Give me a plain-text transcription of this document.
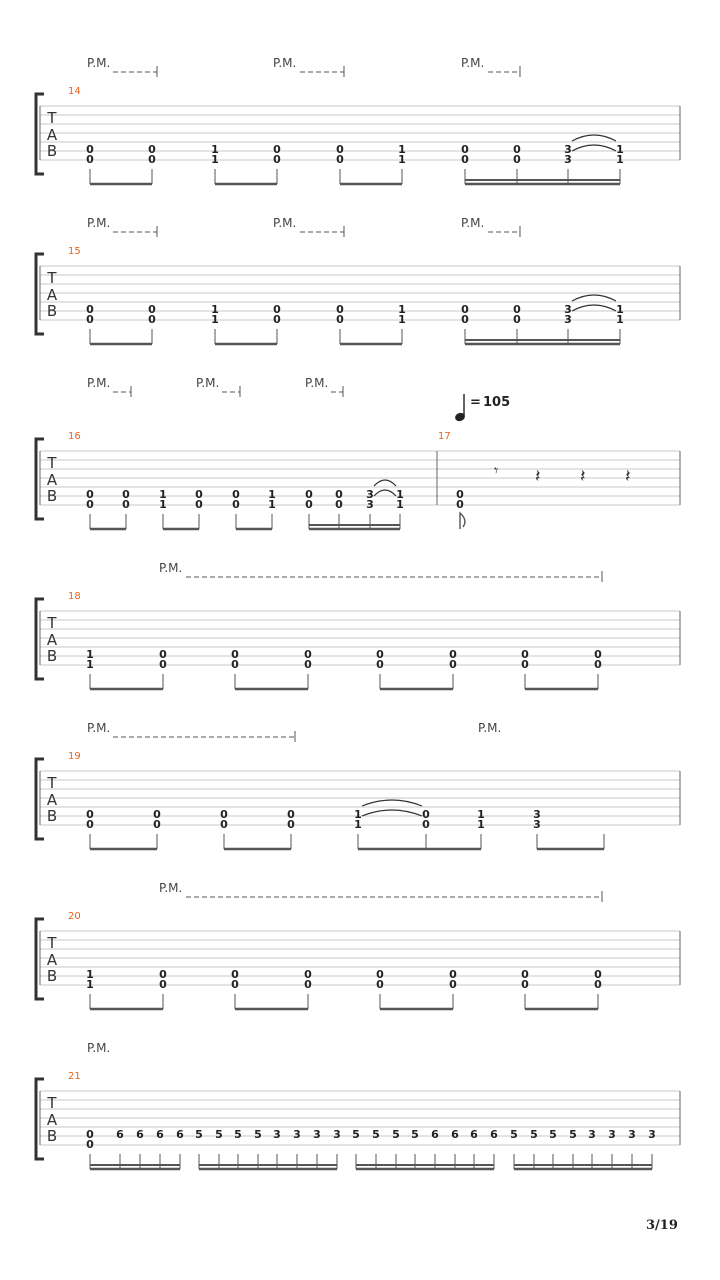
T
A
B
14
P.M.	P.M.	P.M.
0
0
0
0
1
1
0
0
0
0
1
1
0
0
0
0
3
3
1
1
T
A
B
15
P.M.	P.M.	P.M.
0
0
0
0
1
1
0
0
0
0
1
1
0
0
0
0
3
3
1
1
T
A
B
16	17
P.M.	P.M.	P.M.
0
0
0
0
1
1
0
0
0
0
1
1
0
0
0
0
3
3
1
1
0
0
= 105
𝄾 𝄽 𝄽 𝄽
T
A
B
18
P.M.
1
1
0
0
0
0
0
0
0
0
0
0
0
0
0
0
T
A
B
19
P.M.	P.M.
0
0
0
0
0
0
0
0
1
1
0
0
1
1
3
3
T
A
B
20
P.M.
1
1
0
0
0
0
0
0
0
0
0
0
0
0
0
0
T
A
B
21
P.M.
0
0
6 6 6 6 5 5 5 5 3 3 3 3 5 5 5 5 6 6 6 6 5 5 5 5 3 3 3 3
3/19
